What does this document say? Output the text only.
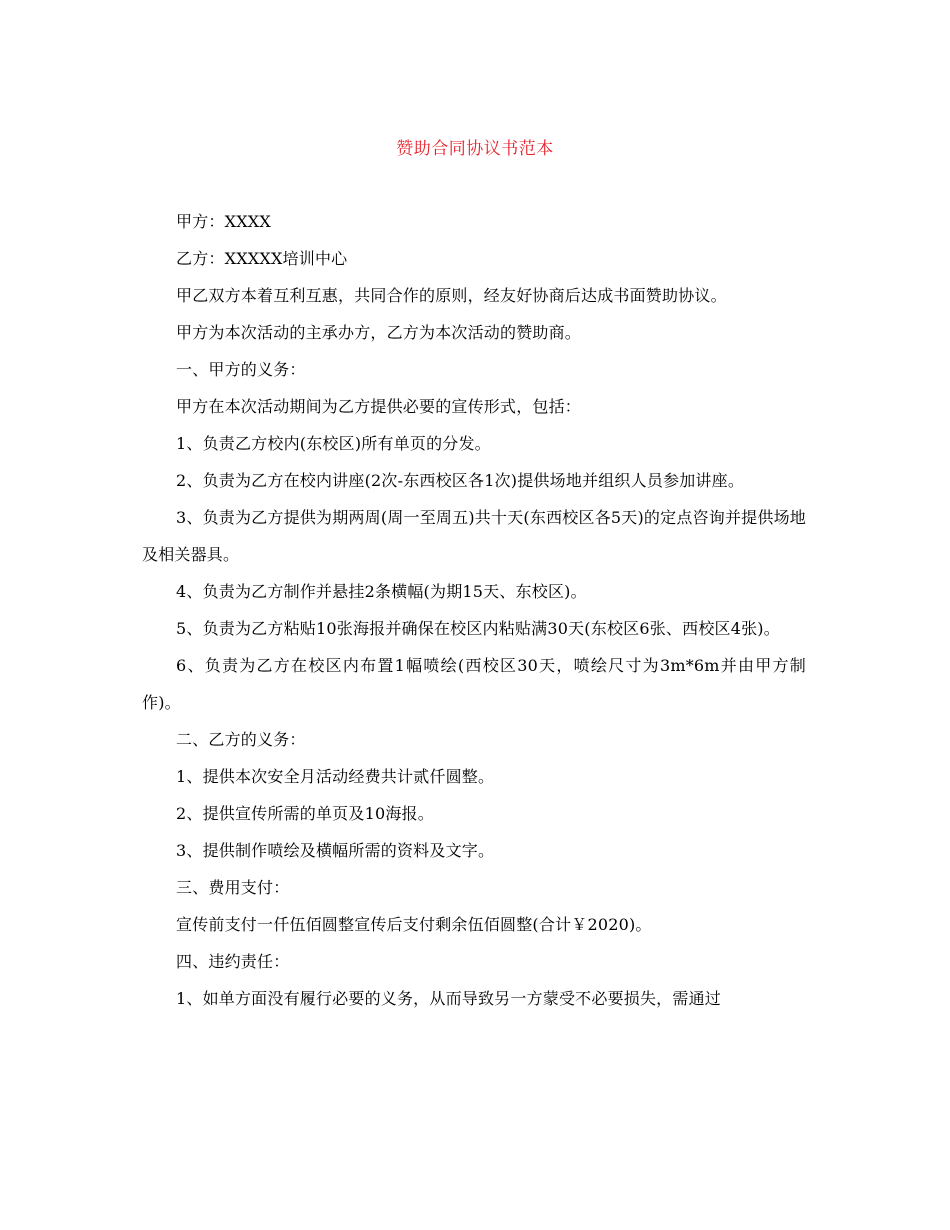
赞助合同协议书范本

甲方：XXXX

乙方：XXXXX培训中心

甲乙双方本着互利互惠，共同合作的原则，经友好协商后达成书面赞助协议。

甲方为本次活动的主承办方，乙方为本次活动的赞助商。

一、甲方的义务：

甲方在本次活动期间为乙方提供必要的宣传形式，包括：

1、负责乙方校内(东校区)所有单页的分发。

2、负责为乙方在校内讲座(2次-东西校区各1次)提供场地并组织人员参加讲座。

3、负责为乙方提供为期两周(周一至周五)共十天(东西校区各5天)的定点咨询并提供场地及相关器具。

4、负责为乙方制作并悬挂2条横幅(为期15天、东校区)。

5、负责为乙方粘贴10张海报并确保在校区内粘贴满30天(东校区6张、西校区4张)。

6、负责为乙方在校区内布置1幅喷绘(西校区30天，喷绘尺寸为3m*6m并由甲方制作)。

二、乙方的义务：

1、提供本次安全月活动经费共计贰仟圆整。

2、提供宣传所需的单页及10海报。

3、提供制作喷绘及横幅所需的资料及文字。

三、费用支付：

宣传前支付一仟伍佰圆整宣传后支付剩余伍佰圆整(合计￥2020)。

四、违约责任：

1、如单方面没有履行必要的义务，从而导致另一方蒙受不必要损失，需通过
